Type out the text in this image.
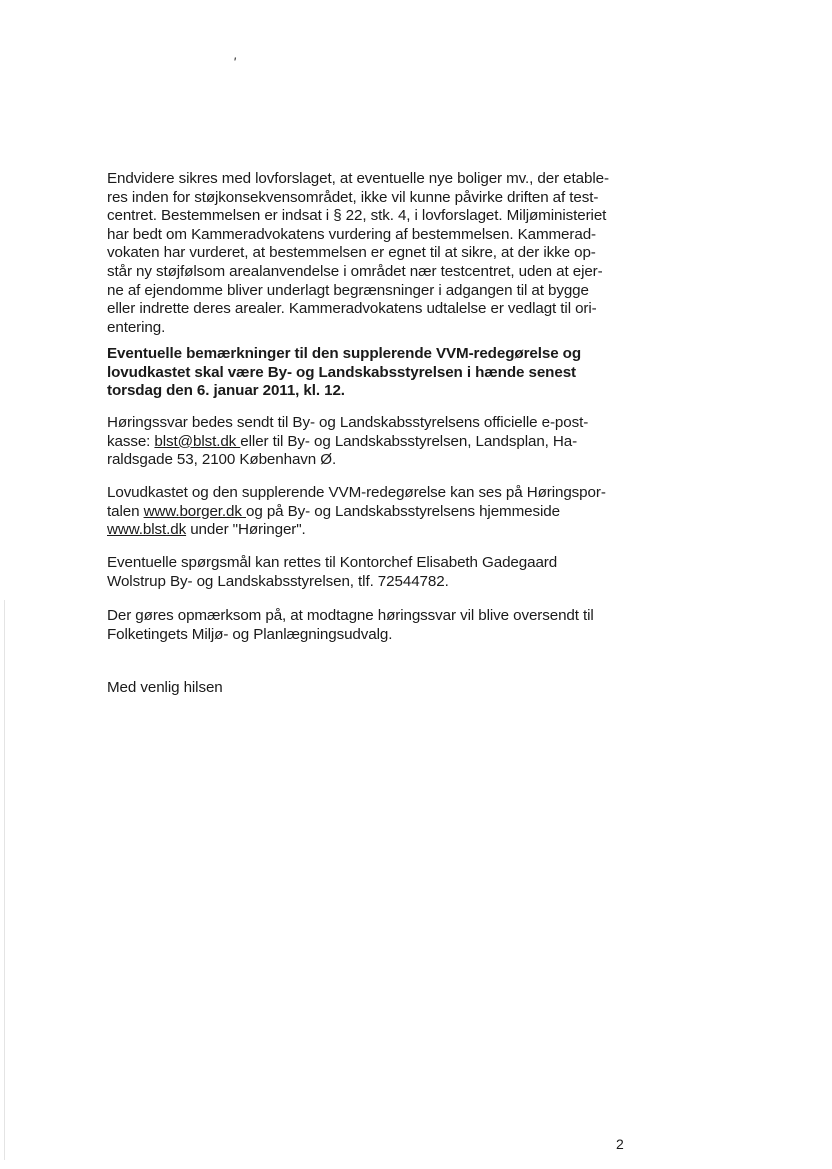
'
Endvidere sikres med lovforslaget, at eventuelle nye boliger mv., der etable-
res inden for støjkonsekvensområdet, ikke vil kunne påvirke driften af test-
centret. Bestemmelsen er indsat i § 22, stk. 4, i lovforslaget. Miljøministeriet
har bedt om Kammeradvokatens vurdering af bestemmelsen. Kammerad-
vokaten har vurderet, at bestemmelsen er egnet til at sikre, at der ikke op-
står ny støjfølsom arealanvendelse i området nær testcentret, uden at ejer-
ne af ejendomme bliver underlagt begrænsninger i adgangen til at bygge
eller indrette deres arealer. Kammeradvokatens udtalelse er vedlagt til ori-
entering.
Eventuelle bemærkninger til den supplerende VVM-redegørelse og
lovudkastet skal være By- og Landskabsstyrelsen i hænde senest
torsdag den 6. januar 2011, kl. 12.
Høringssvar bedes sendt til By- og Landskabsstyrelsens officielle e-post-
kasse: blst@blst.dk eller til By- og Landskabsstyrelsen, Landsplan, Ha-
raldsgade 53, 2100 København Ø.
Lovudkastet og den supplerende VVM-redegørelse kan ses på Høringspor-
talen www.borger.dk og på By- og Landskabsstyrelsens hjemmeside
www.blst.dk under "Høringer".
Eventuelle spørgsmål kan rettes til Kontorchef Elisabeth Gadegaard
Wolstrup By- og Landskabsstyrelsen, tlf. 72544782.
Der gøres opmærksom på, at modtagne høringssvar vil blive oversendt til
Folketingets Miljø- og Planlægningsudvalg.
Med venlig hilsen
2
